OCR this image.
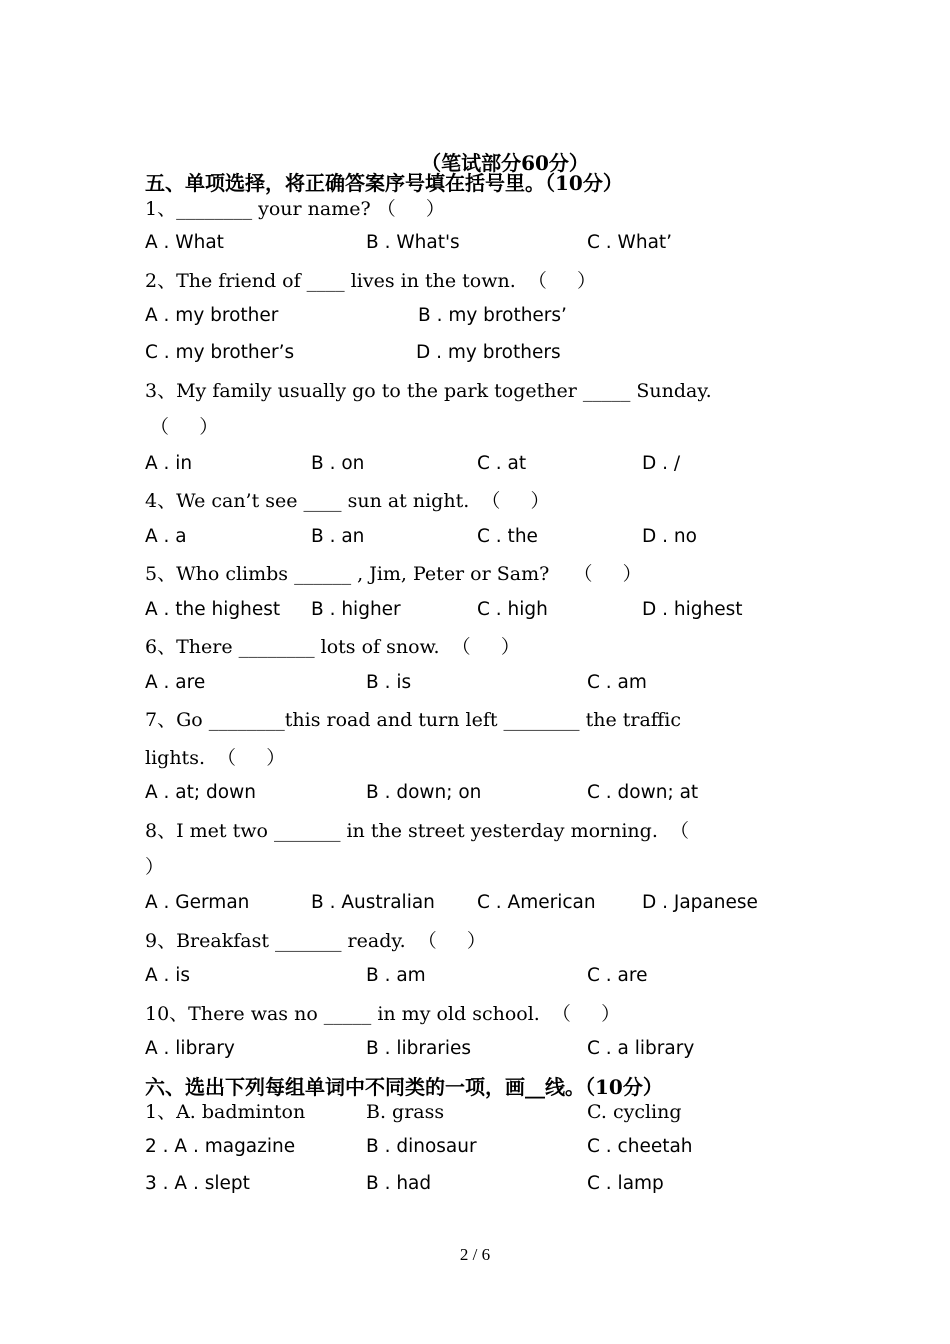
（笔试部分60分）
五、单项选择，将正确答案序号填在括号里。（10分）
1、________ your name? （     ）
A . What	B . What's	C . What’
2、The friend of ____ lives in the town.  （     ）
A . my brother	B . my brothers’
C . my brother’s	D . my brothers
3、My family usually go to the park together _____ Sunday.
（     ）
A . in	B . on	C . at	D . /
4、We can’t see ____ sun at night.  （     ）
A . a	B . an	C . the	D . no
5、Who climbs ______ , Jim, Peter or Sam?    （     ）
A . the highest B . higher	C . high	D . highest
6、There ________ lots of snow.  （     ）
A . are	B . is	C . am
7、Go ________this road and turn left ________ the traffic
lights.  （     ）
A . at; down	B . down; on	C . down; at
8、I met two _______ in the street yesterday morning.  （
）
A . German	B . Australian C . American	D . Japanese
9、Breakfast _______ ready.  （     ）
A . is	B . am	C . are
10、There was no _____ in my old school.  （     ）
A . library	B . libraries	C . a library
六、选出下列每组单词中不同类的一项，画__线。（10分）
1、A. badminton	B. grass	C. cycling
2 . A . magazine	B . dinosaur	C . cheetah
3 . A . slept	B . had	C . lamp
2 / 6
